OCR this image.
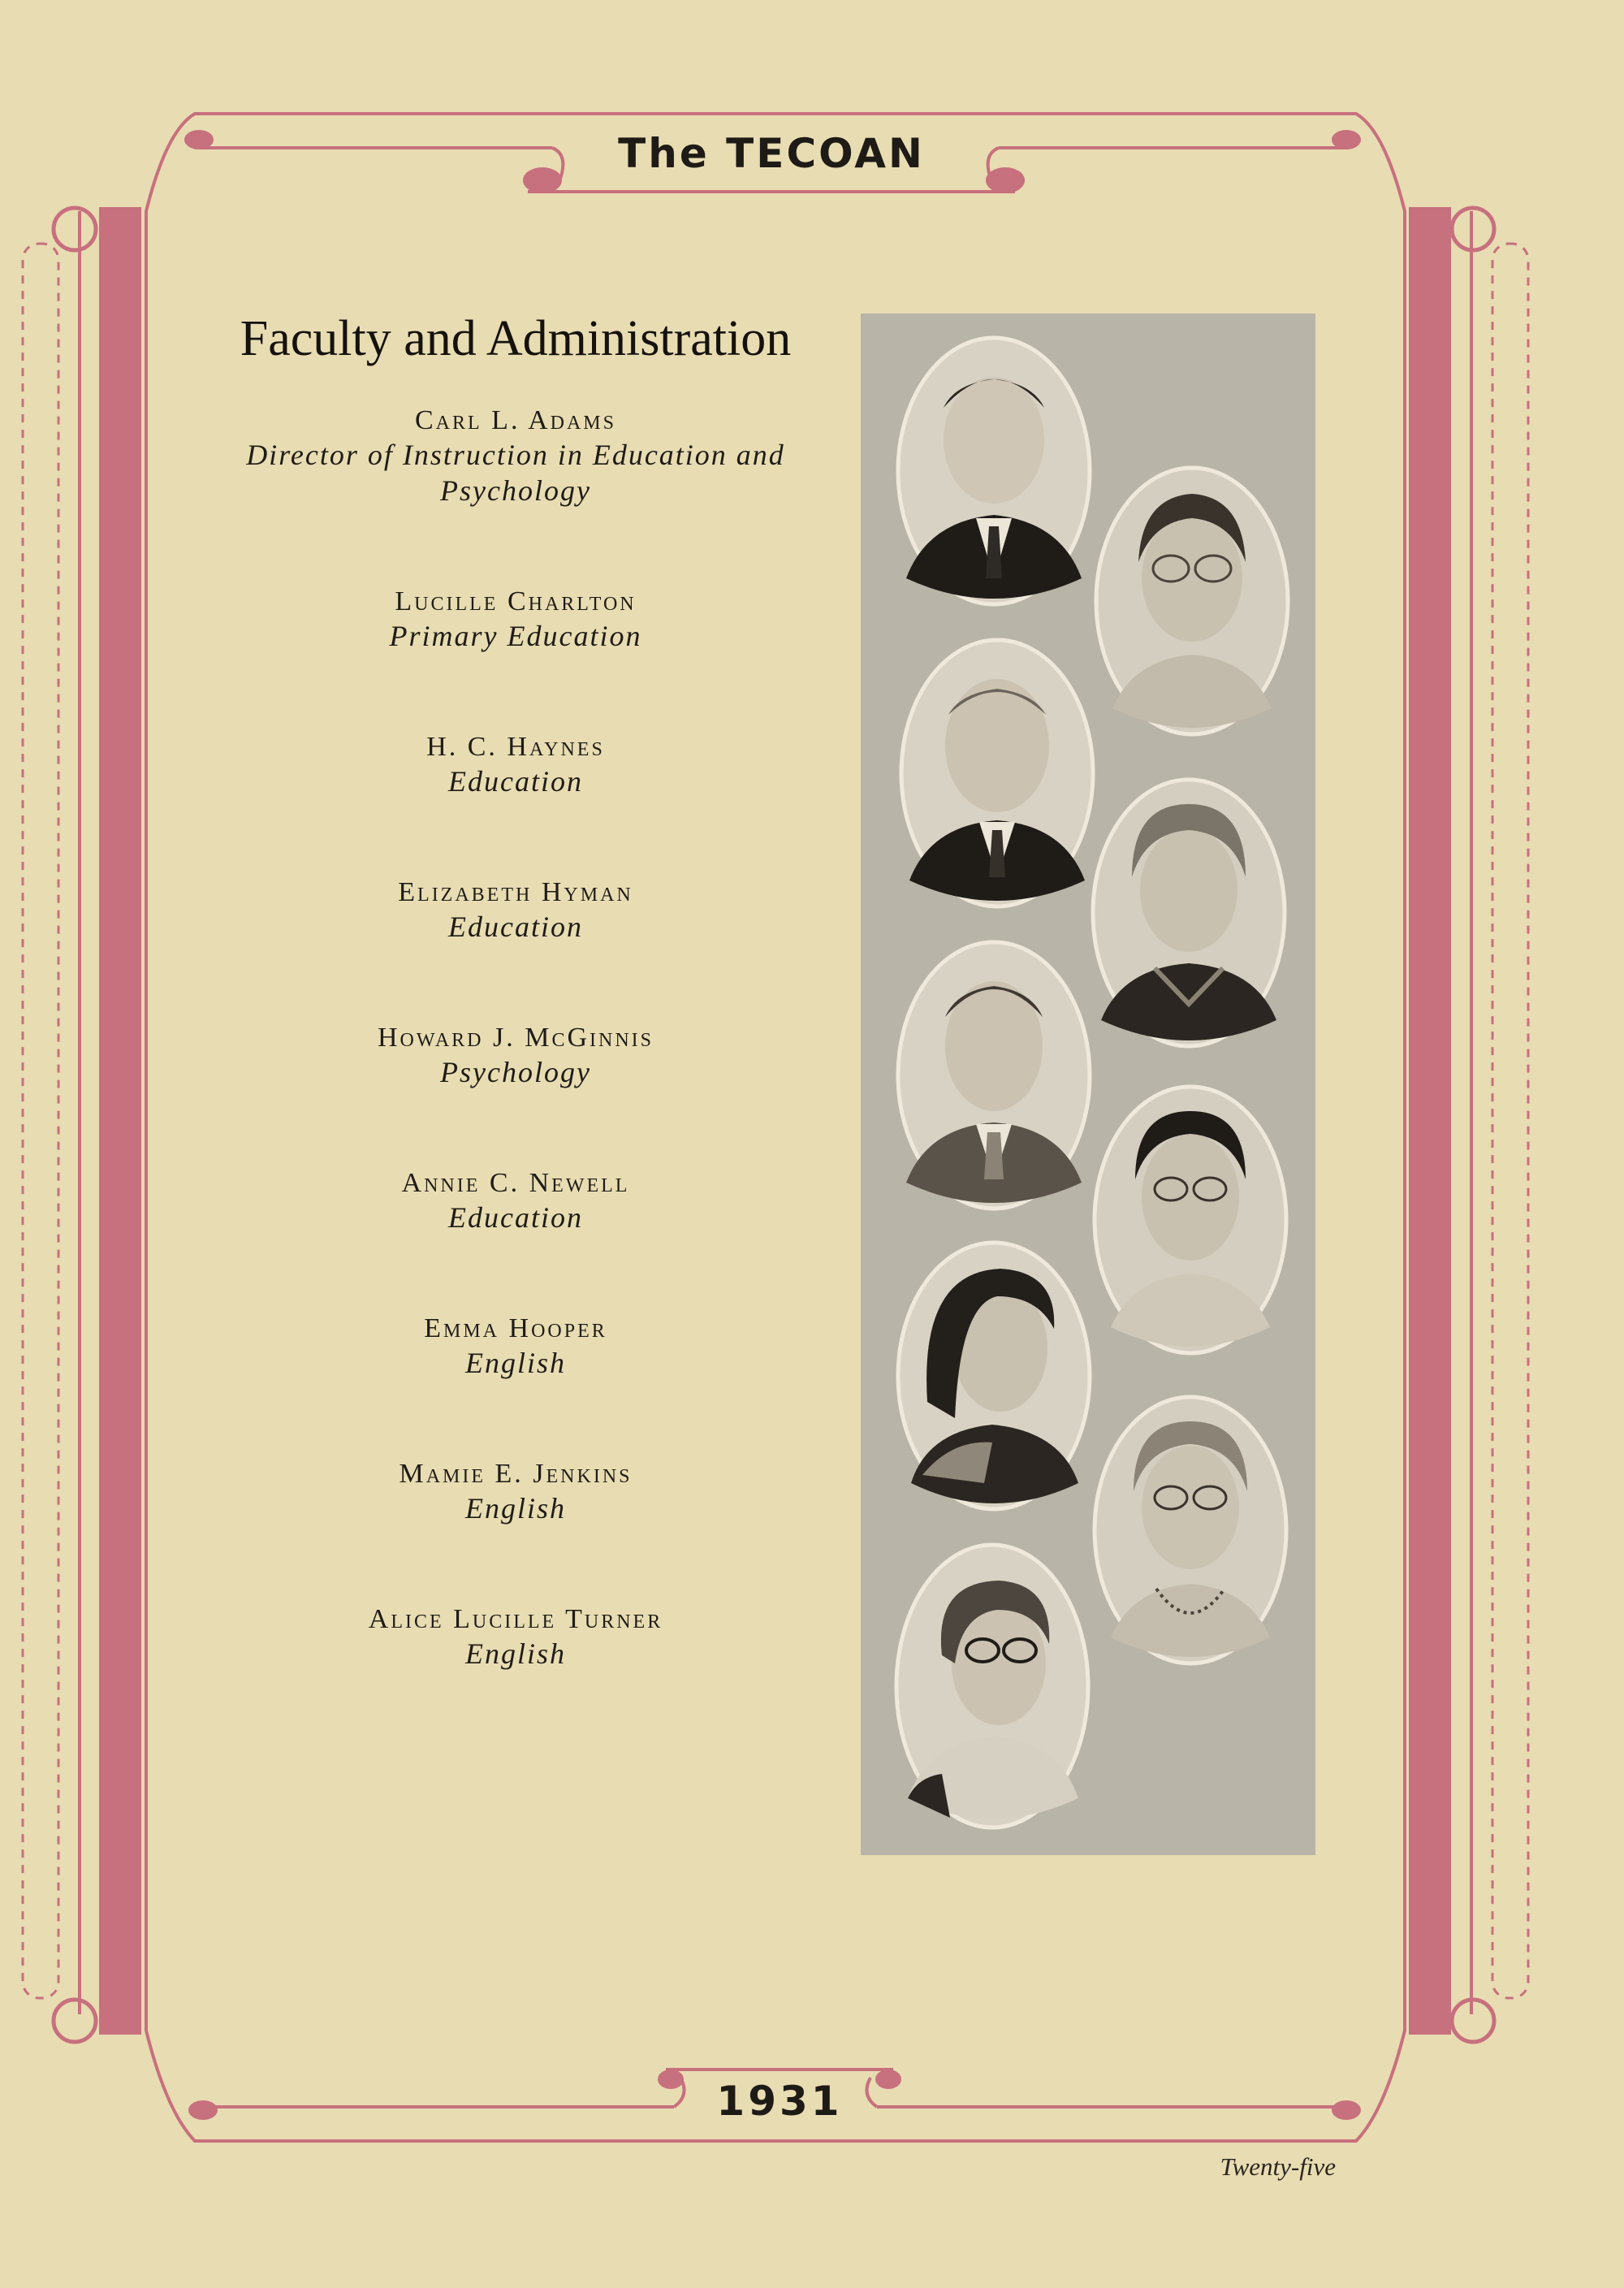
The TECOAN
Faculty and Administration
Carl L. Adams
Director of Instruction in Education and Psychology
Lucille Charlton
Primary Education
H. C. Haynes
Education
Elizabeth Hyman
Education
Howard J. McGinnis
Psychology
Annie C. Newell
Education
Emma Hooper
English
Mamie E. Jenkins
English
Alice Lucille Turner
English
1931
Twenty-five
